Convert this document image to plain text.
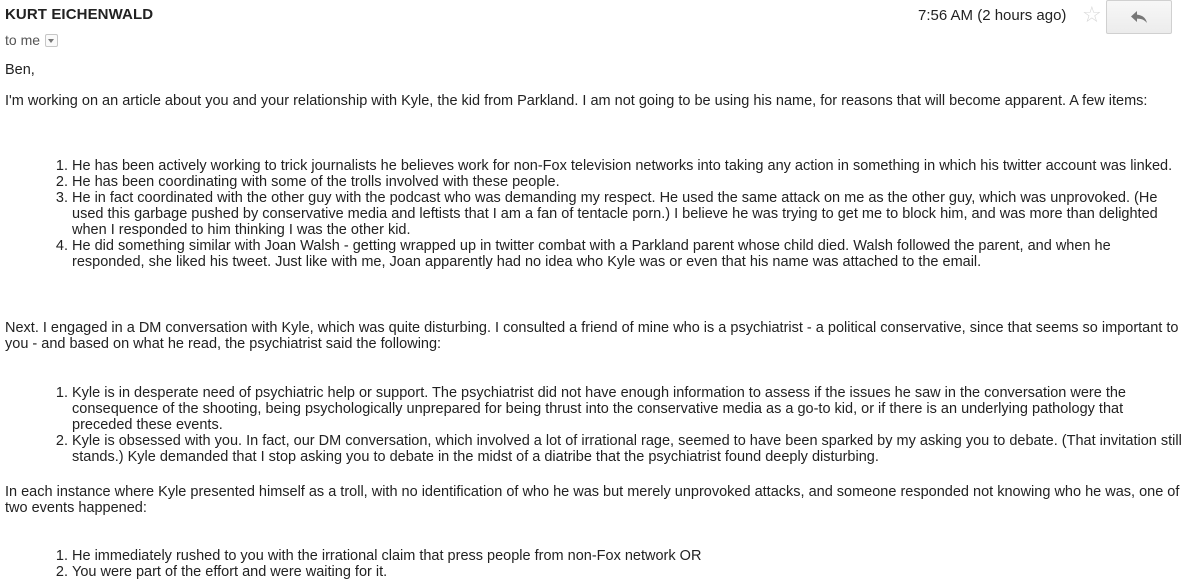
KURT EICHENWALD
to me
7:56 AM (2 hours ago) ☆

Ben,

I'm working on an article about you and your relationship with Kyle, the kid from Parkland. I am not going to be using his name, for reasons that will become apparent. A few items:

1. He has been actively working to trick journalists he believes work for non-Fox television networks into taking any action in something in which his twitter account was linked.
2. He has been coordinating with some of the trolls involved with these people.
3. He in fact coordinated with the other guy with the podcast who was demanding my respect. He used the same attack on me as the other guy, which was unprovoked. (He used this garbage pushed by conservative media and leftists that I am a fan of tentacle porn.) I believe he was trying to get me to block him, and was more than delighted when I responded to him thinking I was the other kid.
4. He did something similar with Joan Walsh - getting wrapped up in twitter combat with a Parkland parent whose child died. Walsh followed the parent, and when he responded, she liked his tweet. Just like with me, Joan apparently had no idea who Kyle was or even that his name was attached to the email.

Next. I engaged in a DM conversation with Kyle, which was quite disturbing. I consulted a friend of mine who is a psychiatrist - a political conservative, since that seems so important to you - and based on what he read, the psychiatrist said the following:

1. Kyle is in desperate need of psychiatric help or support. The psychiatrist did not have enough information to assess if the issues he saw in the conversation were the consequence of the shooting, being psychologically unprepared for being thrust into the conservative media as a go-to kid, or if there is an underlying pathology that preceded these events.
2. Kyle is obsessed with you. In fact, our DM conversation, which involved a lot of irrational rage, seemed to have been sparked by my asking you to debate. (That invitation still stands.) Kyle demanded that I stop asking you to debate in the midst of a diatribe that the psychiatrist found deeply disturbing.

In each instance where Kyle presented himself as a troll, with no identification of who he was but merely unprovoked attacks, and someone responded not knowing who he was, one of two events happened:

1. He immediately rushed to you with the irrational claim that press people from non-Fox network OR
2. You were part of the effort and were waiting for it.
